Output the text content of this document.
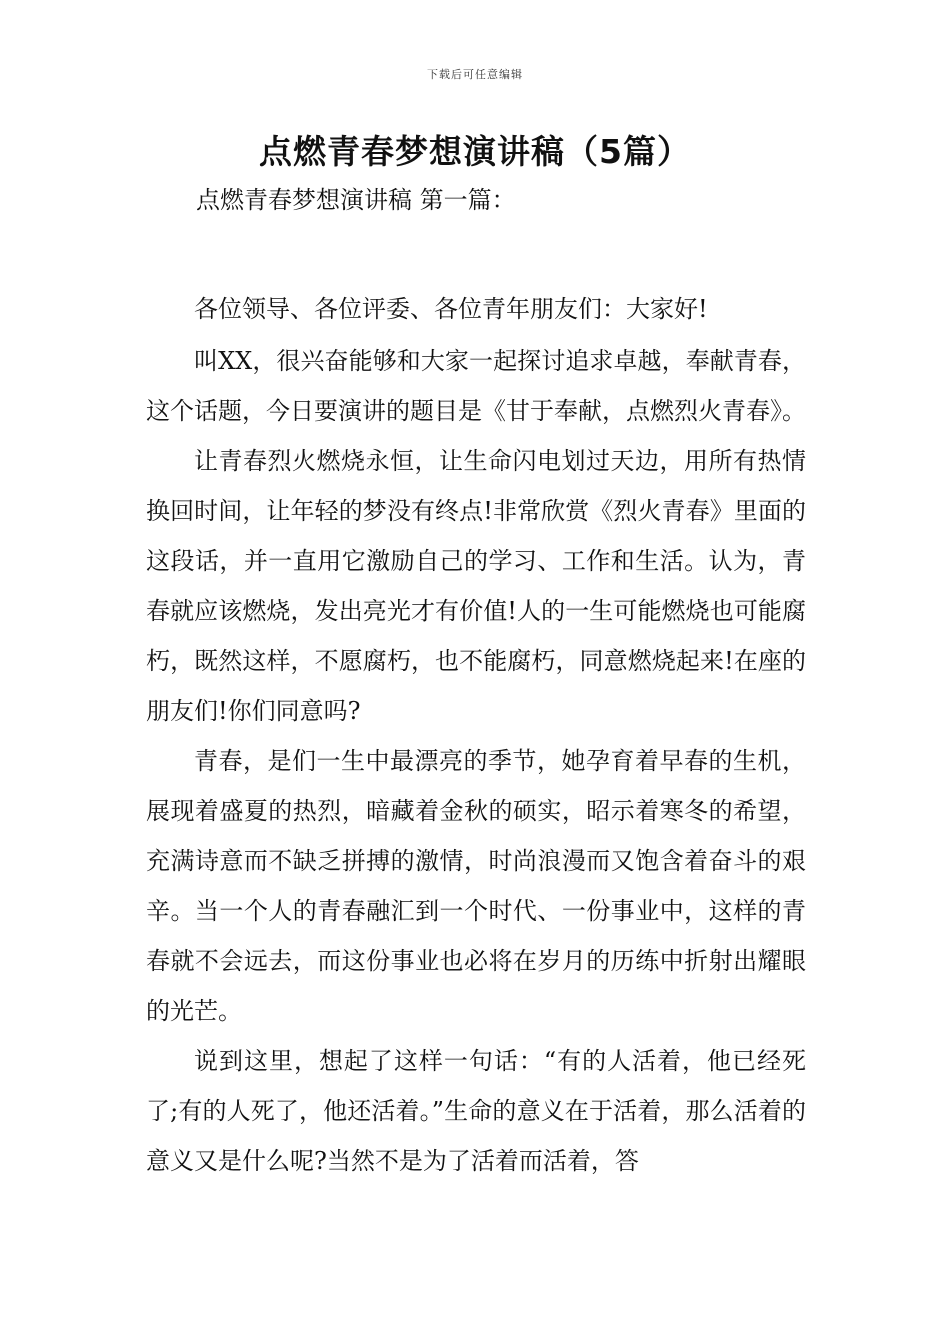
下载后可任意编辑
点燃青春梦想演讲稿（5篇）

点燃青春梦想演讲稿 第一篇：

各位领导、各位评委、各位青年朋友们：大家好!

叫XX，很兴奋能够和大家一起探讨追求卓越，奉献青春，这个话题，今日要演讲的题目是《甘于奉献，点燃烈火青春》。

让青春烈火燃烧永恒，让生命闪电划过天边，用所有热情换回时间，让年轻的梦没有终点!非常欣赏《烈火青春》里面的这段话，并一直用它激励自己的学习、工作和生活。认为，青春就应该燃烧，发出亮光才有价值!人的一生可能燃烧也可能腐朽，既然这样，不愿腐朽，也不能腐朽，同意燃烧起来!在座的朋友们!你们同意吗?

青春，是们一生中最漂亮的季节，她孕育着早春的生机，展现着盛夏的热烈，暗藏着金秋的硕实，昭示着寒冬的希望，充满诗意而不缺乏拼搏的激情，时尚浪漫而又饱含着奋斗的艰辛。当一个人的青春融汇到一个时代、一份事业中，这样的青春就不会远去，而这份事业也必将在岁月的历练中折射出耀眼的光芒。

说到这里，想起了这样一句话：“有的人活着，他已经死了;有的人死了，他还活着。”生命的意义在于活着，那么活着的意义又是什么呢?当然不是为了活着而活着，答
